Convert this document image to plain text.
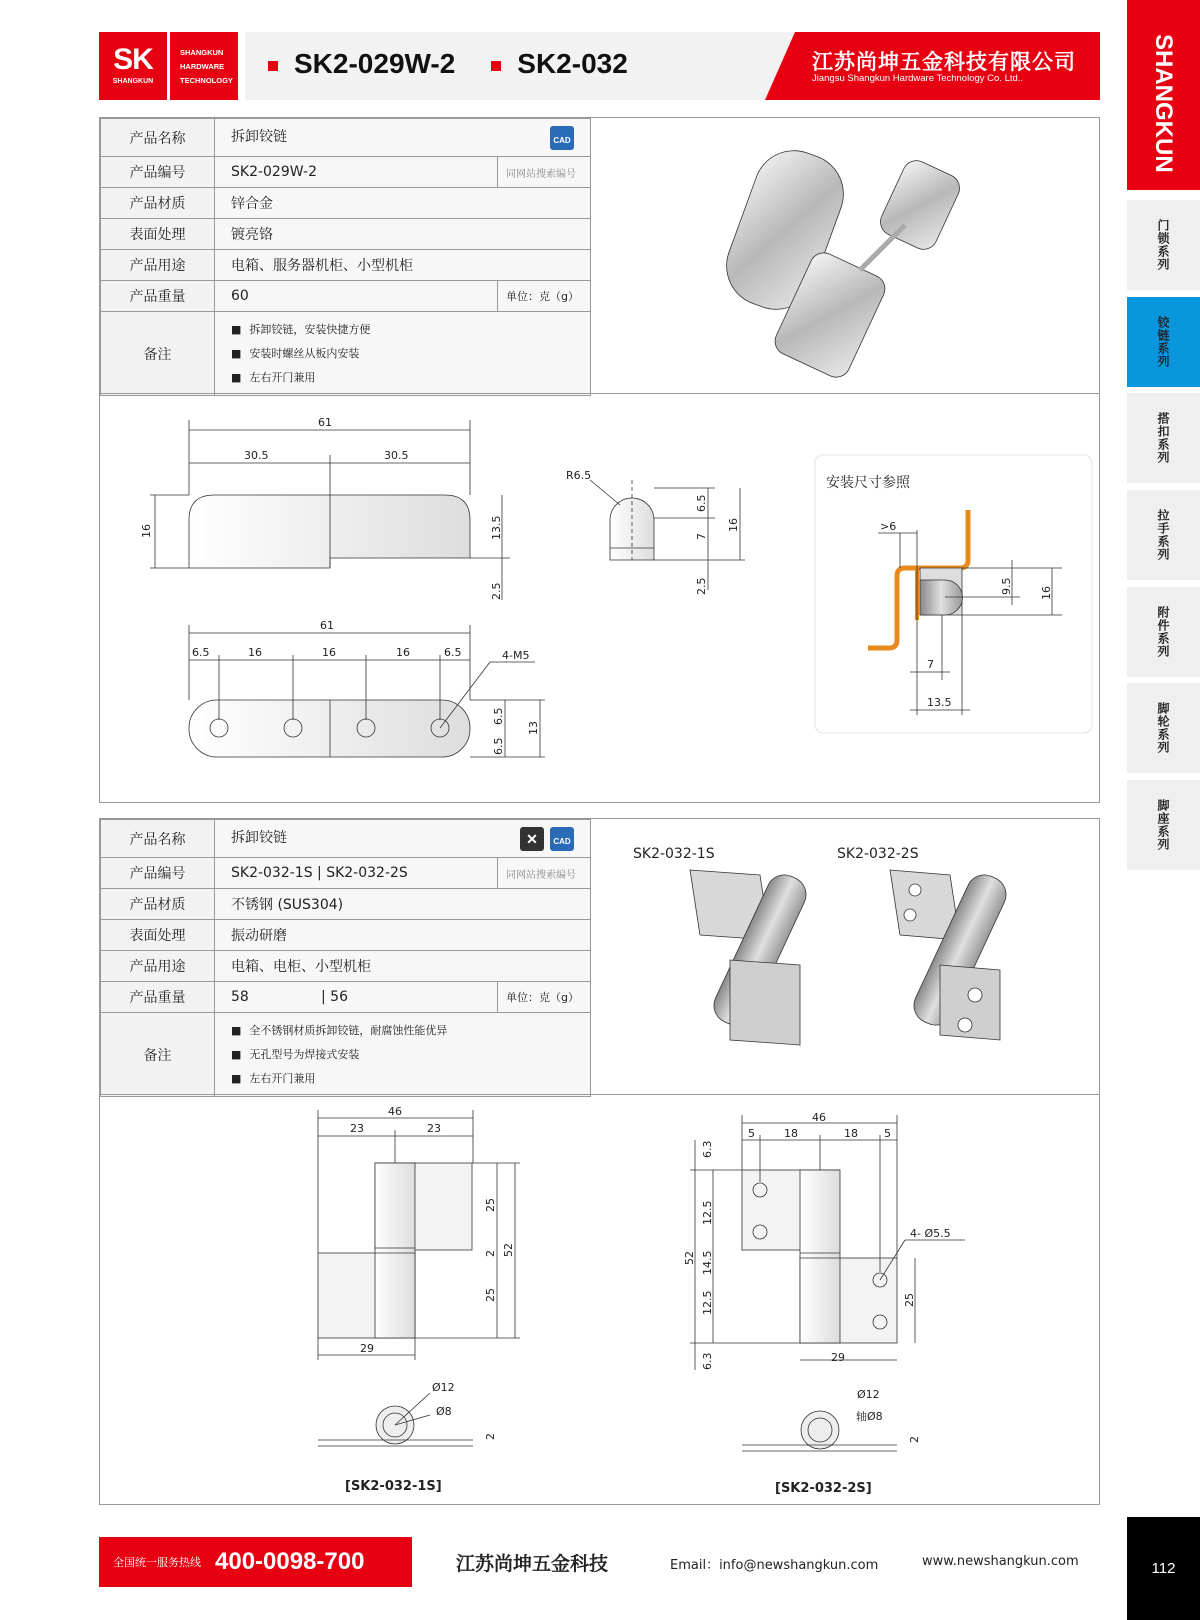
SK
SHANGKUN
SHANGKUN
HARDWARE
TECHNOLOGY
SK2-029W-2	SK2-032	江苏尚坤五金科技有限公司
Jiangsu Shangkun Hardware Technology Co. Ltd..	SHANGKUN
门锁系列
铰链系列
搭扣系列
拉手系列
附件系列
脚轮系列
脚座系列
产品名称	拆卸铰链 CAD	

产品编号	SK2-029W-2	同网站搜索编号
产品材质	锌合金	
表面处理	镀亮铬	
产品用途	电箱、服务器机柜、小型机柜	
产品重量	60	单位：克（g）
备注	■ 拆卸铰链，安装快捷方便
■ 安装时螺丝从板内安装
■ 左右开门兼用
产品名称	拆卸铰链 CAD
✕	

产品编号	SK2-032-1S | SK2-032-2S	同网站搜索编号
产品材质	不锈钢 (SUS304)	
表面处理	振动研磨	
产品用途	电箱、电柜、小型机柜	
产品重量	58 | 56	单位：克（g）
备注	■ 全不锈钢材质拆卸铰链，耐腐蚀性能优异
■ 无孔型号为焊接式安装
■ 左右开门兼用
61
30.5	30.5
16	13.5
2.5
R6.5
6.5
7
16
2.5
61
6.5	16	16	16	6.5	4-M5
6.5
6.5
13
安装尺寸参照
>6
9.5 16
7
13.5
SK2-032-1S	SK2-032-2S
46
23	23
29
25
2
25
52
Ø12
Ø8
2
[SK2-032-1S]
46
5	18	18 5
29
6.3
12.5
14.5
12.5
6.3
52
4- Ø5.5
25
Ø12
轴Ø8
2
[SK2-032-2S]
全国统一服务热线 400-0098-700	江苏尚坤五金科技	Email：info@newshangkun.com	www.newshangkun.com	112
